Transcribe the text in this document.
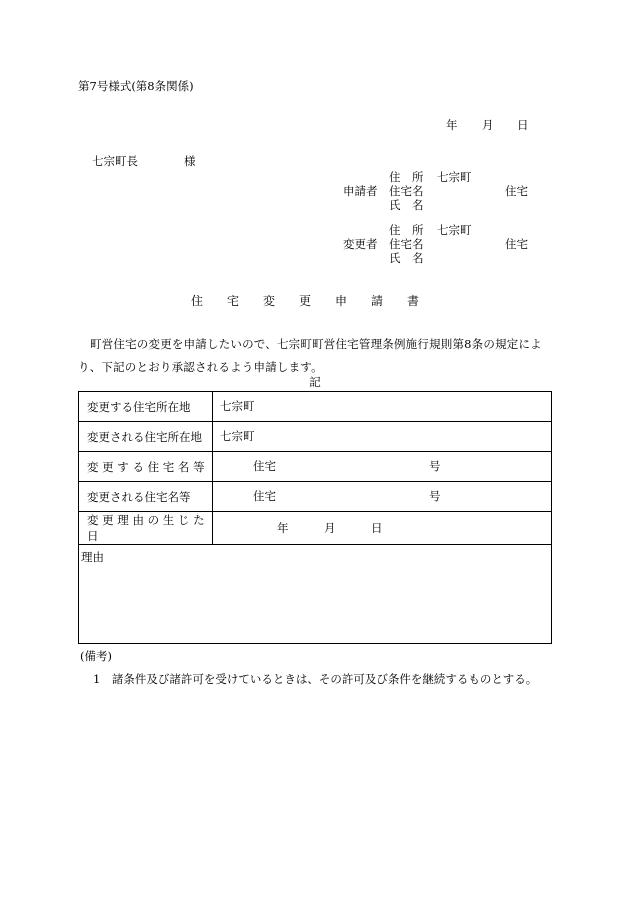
第7号様式(第8条関係)
年 月 日
七宗町長	様
住　所 七宗町
申請者 住宅名	住宅
氏　名
住　所 七宗町
変更者 住宅名	住宅
氏　名
住宅変更申請書
町営住宅の変更を申請したいので、七宗町町営住宅管理条例施行規則第8条の規定により、下記のとおり承認されるよう申請します。
記
変更する住宅所在地	七宗町

変更される住宅所在地	七宗町

変 更 す る 住 宅 名 等	住宅 号

変更される住宅名等	住宅 号

変 更 理 由 の 生 じ た 日	年 月 日

理由	
(備考)
1　諸条件及び諸許可を受けているときは、その許可及び条件を継続するものとする。
